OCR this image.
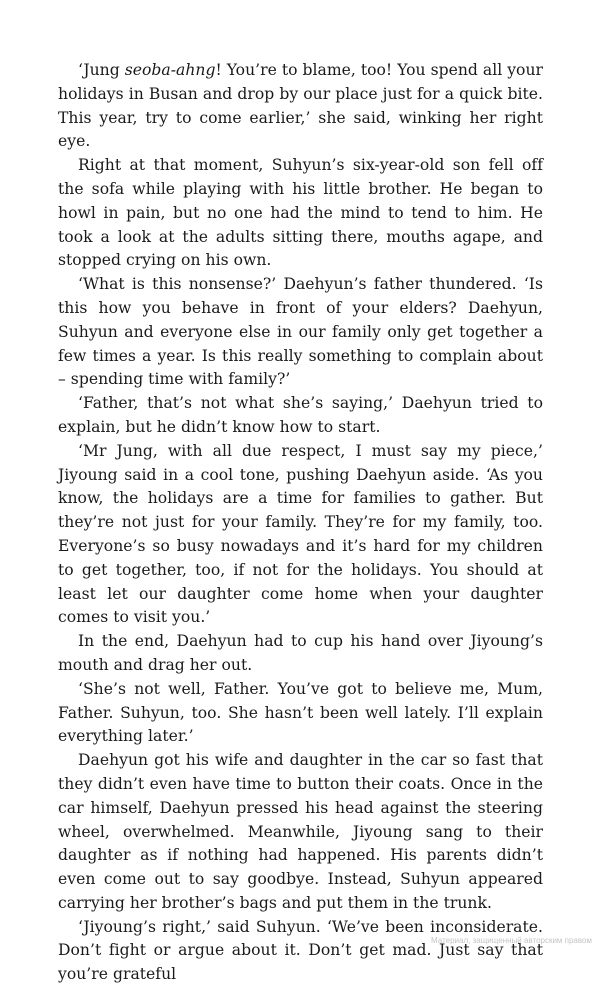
‘Jung seoba-ahng! You’re to blame, too! You spend all your holidays in Busan and drop by our place just for a quick bite. This year, try to come earlier,’ she said, winking her right eye.

Right at that moment, Suhyun’s six-year-old son fell off the sofa while playing with his little brother. He began to howl in pain, but no one had the mind to tend to him. He took a look at the adults sitting there, mouths agape, and stopped crying on his own.

‘What is this nonsense?’ Daehyun’s father thundered. ‘Is this how you behave in front of your elders? Daehyun, Suhyun and everyone else in our family only get together a few times a year. Is this really something to complain about – spending time with family?’

‘Father, that’s not what she’s saying,’ Daehyun tried to explain, but he didn’t know how to start.

‘Mr Jung, with all due respect, I must say my piece,’ Jiyoung said in a cool tone, pushing Daehyun aside. ‘As you know, the holidays are a time for families to gather. But they’re not just for your family. They’re for my family, too. Everyone’s so busy nowadays and it’s hard for my children to get together, too, if not for the holidays. You should at least let our daughter come home when your daughter comes to visit you.’

In the end, Daehyun had to cup his hand over Jiyoung’s mouth and drag her out.

‘She’s not well, Father. You’ve got to believe me, Mum, Father. Suhyun, too. She hasn’t been well lately. I’ll explain everything later.’

Daehyun got his wife and daughter in the car so fast that they didn’t even have time to button their coats. Once in the car himself, Daehyun pressed his head against the steering wheel, overwhelmed. Meanwhile, Jiyoung sang to their daughter as if nothing had happened. His parents didn’t even come out to say goodbye. Instead, Suhyun appeared carrying her brother’s bags and put them in the trunk.

‘Jiyoung’s right,’ said Suhyun. ‘We’ve been inconsiderate. Don’t fight or argue about it. Don’t get mad. Just say that you’re grateful

Материал, защищенный авторским правом
